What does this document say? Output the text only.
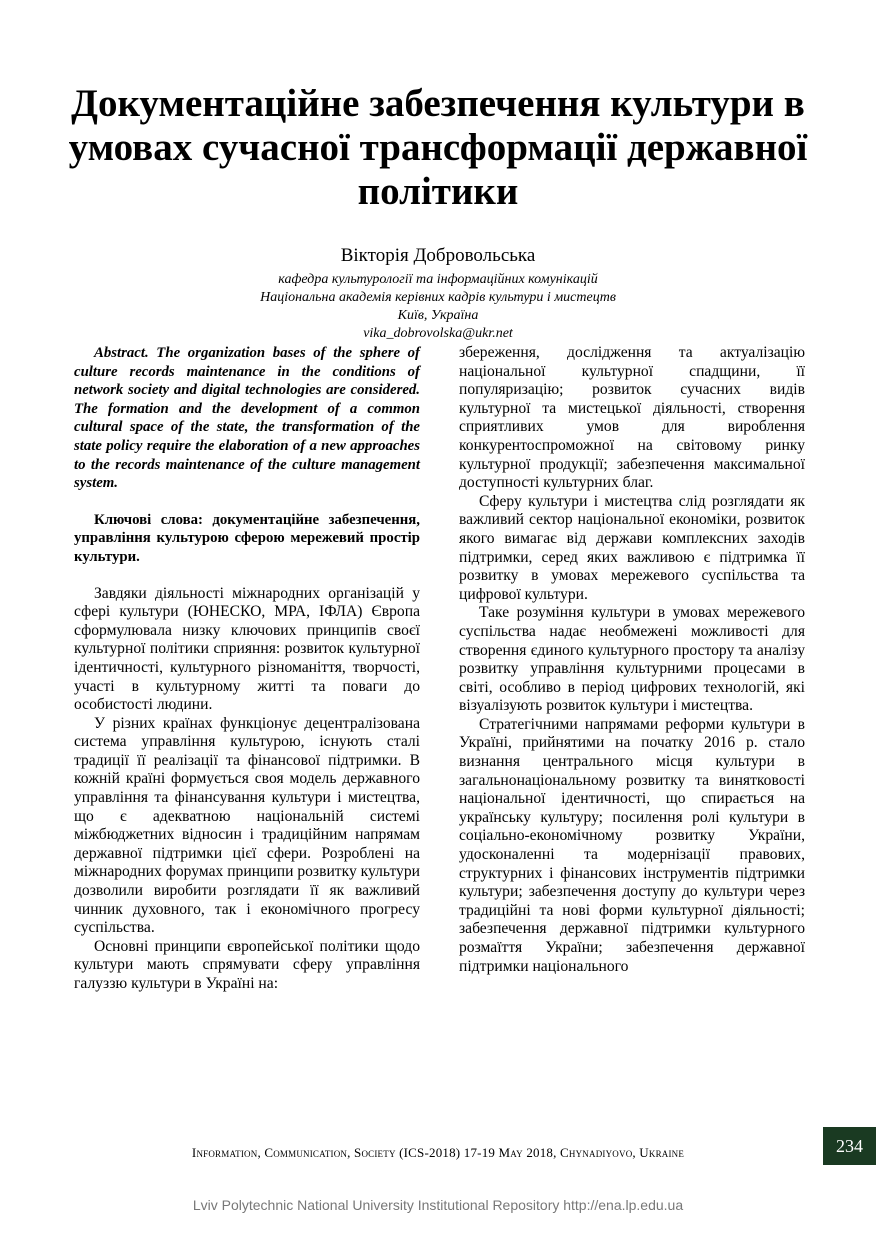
Документаційне забезпечення культури в умовах сучасної трансформації державної політики
Вікторія Добровольська
кафедра культурології та інформаційних комунікацій
Національна академія керівних кадрів культури і мистецтв
Київ, Україна
vika_dobrovolska@ukr.net

Abstract. The organization bases of the sphere of culture records maintenance in the conditions of network society and digital technologies are considered. The formation and the development of a common cultural space of the state, the transformation of the state policy require the elaboration of a new approaches to the records maintenance of the culture management system.

Ключові слова: документаційне забезпечення, управління культурою сферою мережевий простір культури.

Завдяки діяльності міжнародних організацій у сфері культури (ЮНЕСКО, МРА, ІФЛА) Європа сформулювала низку ключових принципів своєї культурної політики сприяння: розвиток культурної ідентичності, культурного різноманіття, творчості, участі в культурному житті та поваги до особистості людини.

У різних країнах функціонує децентралізована система управління культурою, існують сталі традиції її реалізації та фінансової підтримки. В кожній країні формується своя модель державного управління та фінансування культури і мистецтва, що є адекватною національній системі міжбюджетних відносин і традиційним напрямам державної підтримки цієї сфери. Розроблені на міжнародних форумах принципи розвитку культури дозволили виробити розглядати її як важливий чинник духовного, так і економічного прогресу суспільства.

Основні принципи європейської політики щодо культури мають спрямувати сферу управління галуззю культури в Україні на:

збереження, дослідження та актуалізацію національної культурної спадщини, її популяризацію; розвиток сучасних видів культурної та мистецької діяльності, створення сприятливих умов для вироблення конкурентоспроможної на світовому ринку культурної продукції; забезпечення максимальної доступності культурних благ.

Сферу культури і мистецтва слід розглядати як важливий сектор національної економіки, розвиток якого вимагає від держави комплексних заходів підтримки, серед яких важливою є підтримка її розвитку в умовах мережевого суспільства та цифрової культури.

Таке розуміння культури в умовах мережевого суспільства надає необмежені можливості для створення єдиного культурного простору та аналізу розвитку управління культурними процесами в світі, особливо в період цифрових технологій, які візуалізують розвиток культури і мистецтва.

Стратегічними напрямами реформи культури в Україні, прийнятими на початку 2016 р. стало визнання центрального місця культури в загальнонаціональному розвитку та винятковості національної ідентичності, що спирається на українську культуру; посилення ролі культури в соціально-економічному розвитку України, удосконаленні та модернізації правових, структурних і фінансових інструментів підтримки культури; забезпечення доступу до культури через традиційні та нові форми культурної діяльності; забезпечення державної підтримки культурного розмаїття України; забезпечення державної підтримки національного

Information, Communication, Society (ICS-2018) 17-19 May 2018, Chynadiyovo, Ukraine	234
Lviv Polytechnic National University Institutional Repository http://ena.lp.edu.ua
